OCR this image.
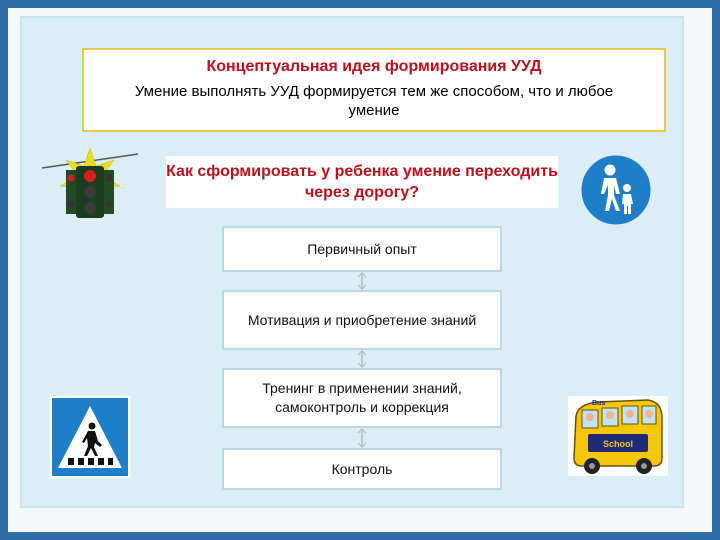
Концептуальная идея формирования УУД
Умение выполнять УУД формируется тем же способом, что и любое умение
Как сформировать у ребенка умение переходить через дорогу?
Первичный опыт
Мотивация и приобретение знаний
Тренинг в применении знаний, самоконтроль и коррекция
Контроль
Bus
School
